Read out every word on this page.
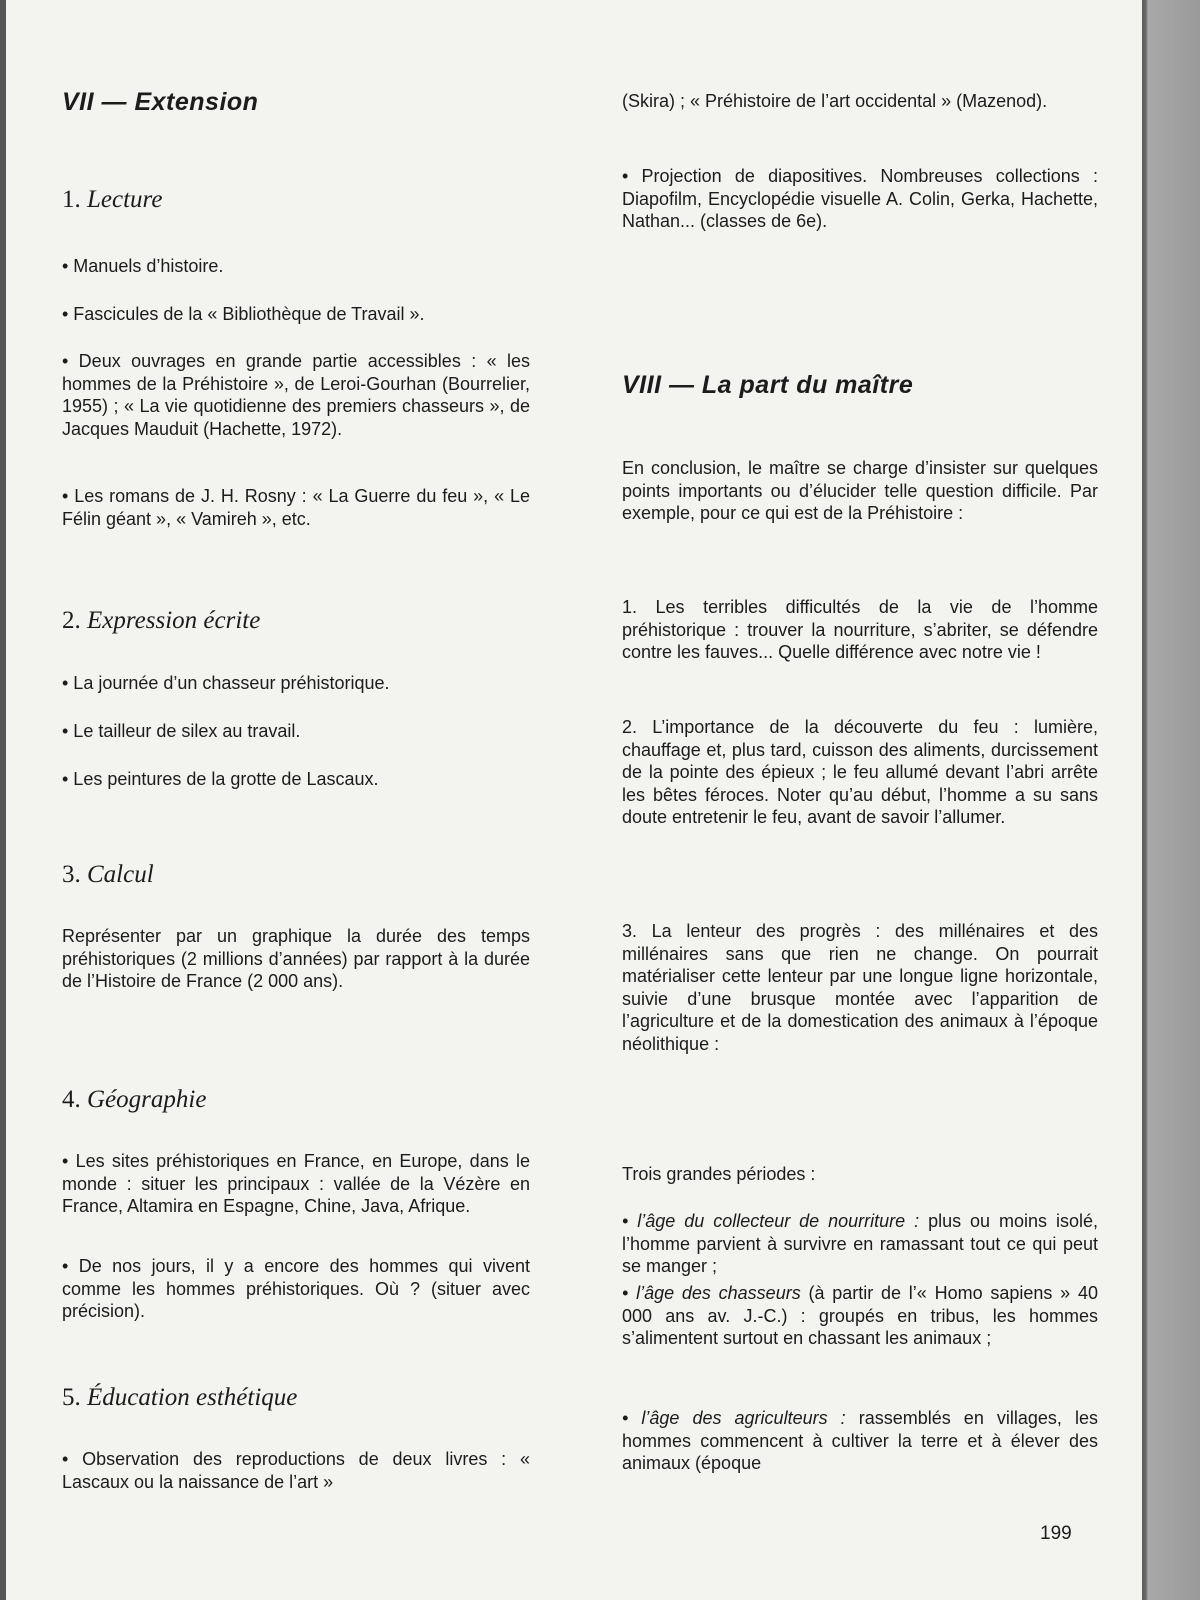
VII — Extension
1. Lecture

• Manuels d’histoire.

• Fascicules de la « Bibliothèque de Travail ».

• Deux ouvrages en grande partie accessibles : « les hommes de la Préhistoire », de Leroi-Gourhan (Bourrelier, 1955) ; « La vie quotidienne des premiers chasseurs », de Jacques Mauduit (Hachette, 1972).

• Les romans de J. H. Rosny : « La Guerre du feu », « Le Félin géant », « Vamireh », etc.

2. Expression écrite

• La journée d’un chasseur préhistorique.

• Le tailleur de silex au travail.

• Les peintures de la grotte de Lascaux.

3. Calcul

Représenter par un graphique la durée des temps préhistoriques (2 millions d’années) par rapport à la durée de l’Histoire de France (2 000 ans).

4. Géographie

• Les sites préhistoriques en France, en Europe, dans le monde : situer les principaux : vallée de la Vézère en France, Altamira en Espagne, Chine, Java, Afrique.

• De nos jours, il y a encore des hommes qui vivent comme les hommes préhistoriques. Où ? (situer avec précision).

5. Éducation esthétique

• Observation des reproductions de deux livres : « Lascaux ou la naissance de l’art »

(Skira) ; « Préhistoire de l’art occidental » (Mazenod).

• Projection de diapositives. Nombreuses collections : Diapofilm, Encyclopédie visuelle A. Colin, Gerka, Hachette, Nathan... (classes de 6e).

VIII — La part du maître

En conclusion, le maître se charge d’insister sur quelques points importants ou d’élucider telle question difficile. Par exemple, pour ce qui est de la Préhistoire :

1. Les terribles difficultés de la vie de l’homme préhistorique : trouver la nourriture, s’abriter, se défendre contre les fauves... Quelle différence avec notre vie !

2. L’importance de la découverte du feu : lumière, chauffage et, plus tard, cuisson des aliments, durcissement de la pointe des épieux ; le feu allumé devant l’abri arrête les bêtes féroces. Noter qu’au début, l’homme a su sans doute entretenir le feu, avant de savoir l’allumer.

3. La lenteur des progrès : des millénaires et des millénaires sans que rien ne change. On pourrait matérialiser cette lenteur par une longue ligne horizontale, suivie d’une brusque montée avec l’apparition de l’agriculture et de la domestication des animaux à l’époque néolithique :

Trois grandes périodes :

• l’âge du collecteur de nourriture : plus ou moins isolé, l’homme parvient à survivre en ramassant tout ce qui peut se manger ;

• l’âge des chasseurs (à partir de l’« Homo sapiens » 40 000 ans av. J.-C.) : groupés en tribus, les hommes s’alimentent surtout en chassant les animaux ;

• l’âge des agriculteurs : rassemblés en villages, les hommes commencent à cultiver la terre et à élever des animaux (époque

199
